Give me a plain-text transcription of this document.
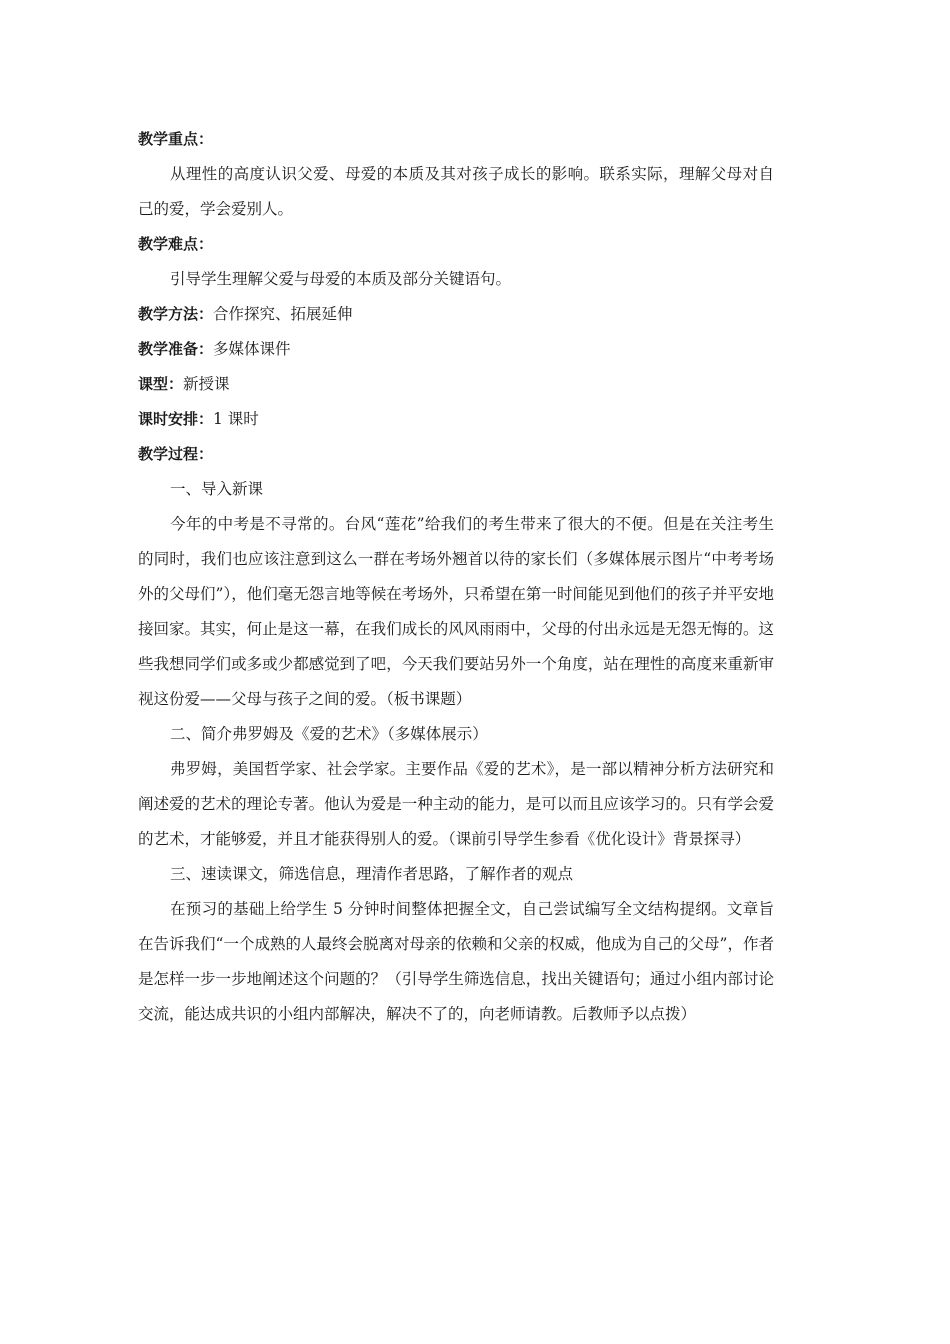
教学重点：

从理性的高度认识父爱、母爱的本质及其对孩子成长的影响。联系实际，理解父母对自己的爱，学会爱别人。

教学难点：

引导学生理解父爱与母爱的本质及部分关键语句。

教学方法：合作探究、拓展延伸

教学准备：多媒体课件

课型：新授课

课时安排：1 课时

教学过程：

一、导入新课

今年的中考是不寻常的。台风“莲花”给我们的考生带来了很大的不便。但是在关注考生的同时，我们也应该注意到这么一群在考场外翘首以待的家长们（多媒体展示图片“中考考场外的父母们”），他们毫无怨言地等候在考场外，只希望在第一时间能见到他们的孩子并平安地接回家。其实，何止是这一幕，在我们成长的风风雨雨中，父母的付出永远是无怨无悔的。这些我想同学们或多或少都感觉到了吧，今天我们要站另外一个角度，站在理性的高度来重新审视这份爱——父母与孩子之间的爱。（板书课题）

二、简介弗罗姆及《爱的艺术》（多媒体展示）

弗罗姆，美国哲学家、社会学家。主要作品《爱的艺术》，是一部以精神分析方法研究和阐述爱的艺术的理论专著。他认为爱是一种主动的能力，是可以而且应该学习的。只有学会爱的艺术，才能够爱，并且才能获得别人的爱。（课前引导学生参看《优化设计》背景探寻）

三、速读课文，筛选信息，理清作者思路，了解作者的观点

在预习的基础上给学生 5 分钟时间整体把握全文，自己尝试编写全文结构提纲。文章旨在告诉我们“一个成熟的人最终会脱离对母亲的依赖和父亲的权威，他成为自己的父母”，作者是怎样一步一步地阐述这个问题的？（引导学生筛选信息，找出关键语句；通过小组内部讨论交流，能达成共识的小组内部解决，解决不了的，向老师请教。后教师予以点拨）
